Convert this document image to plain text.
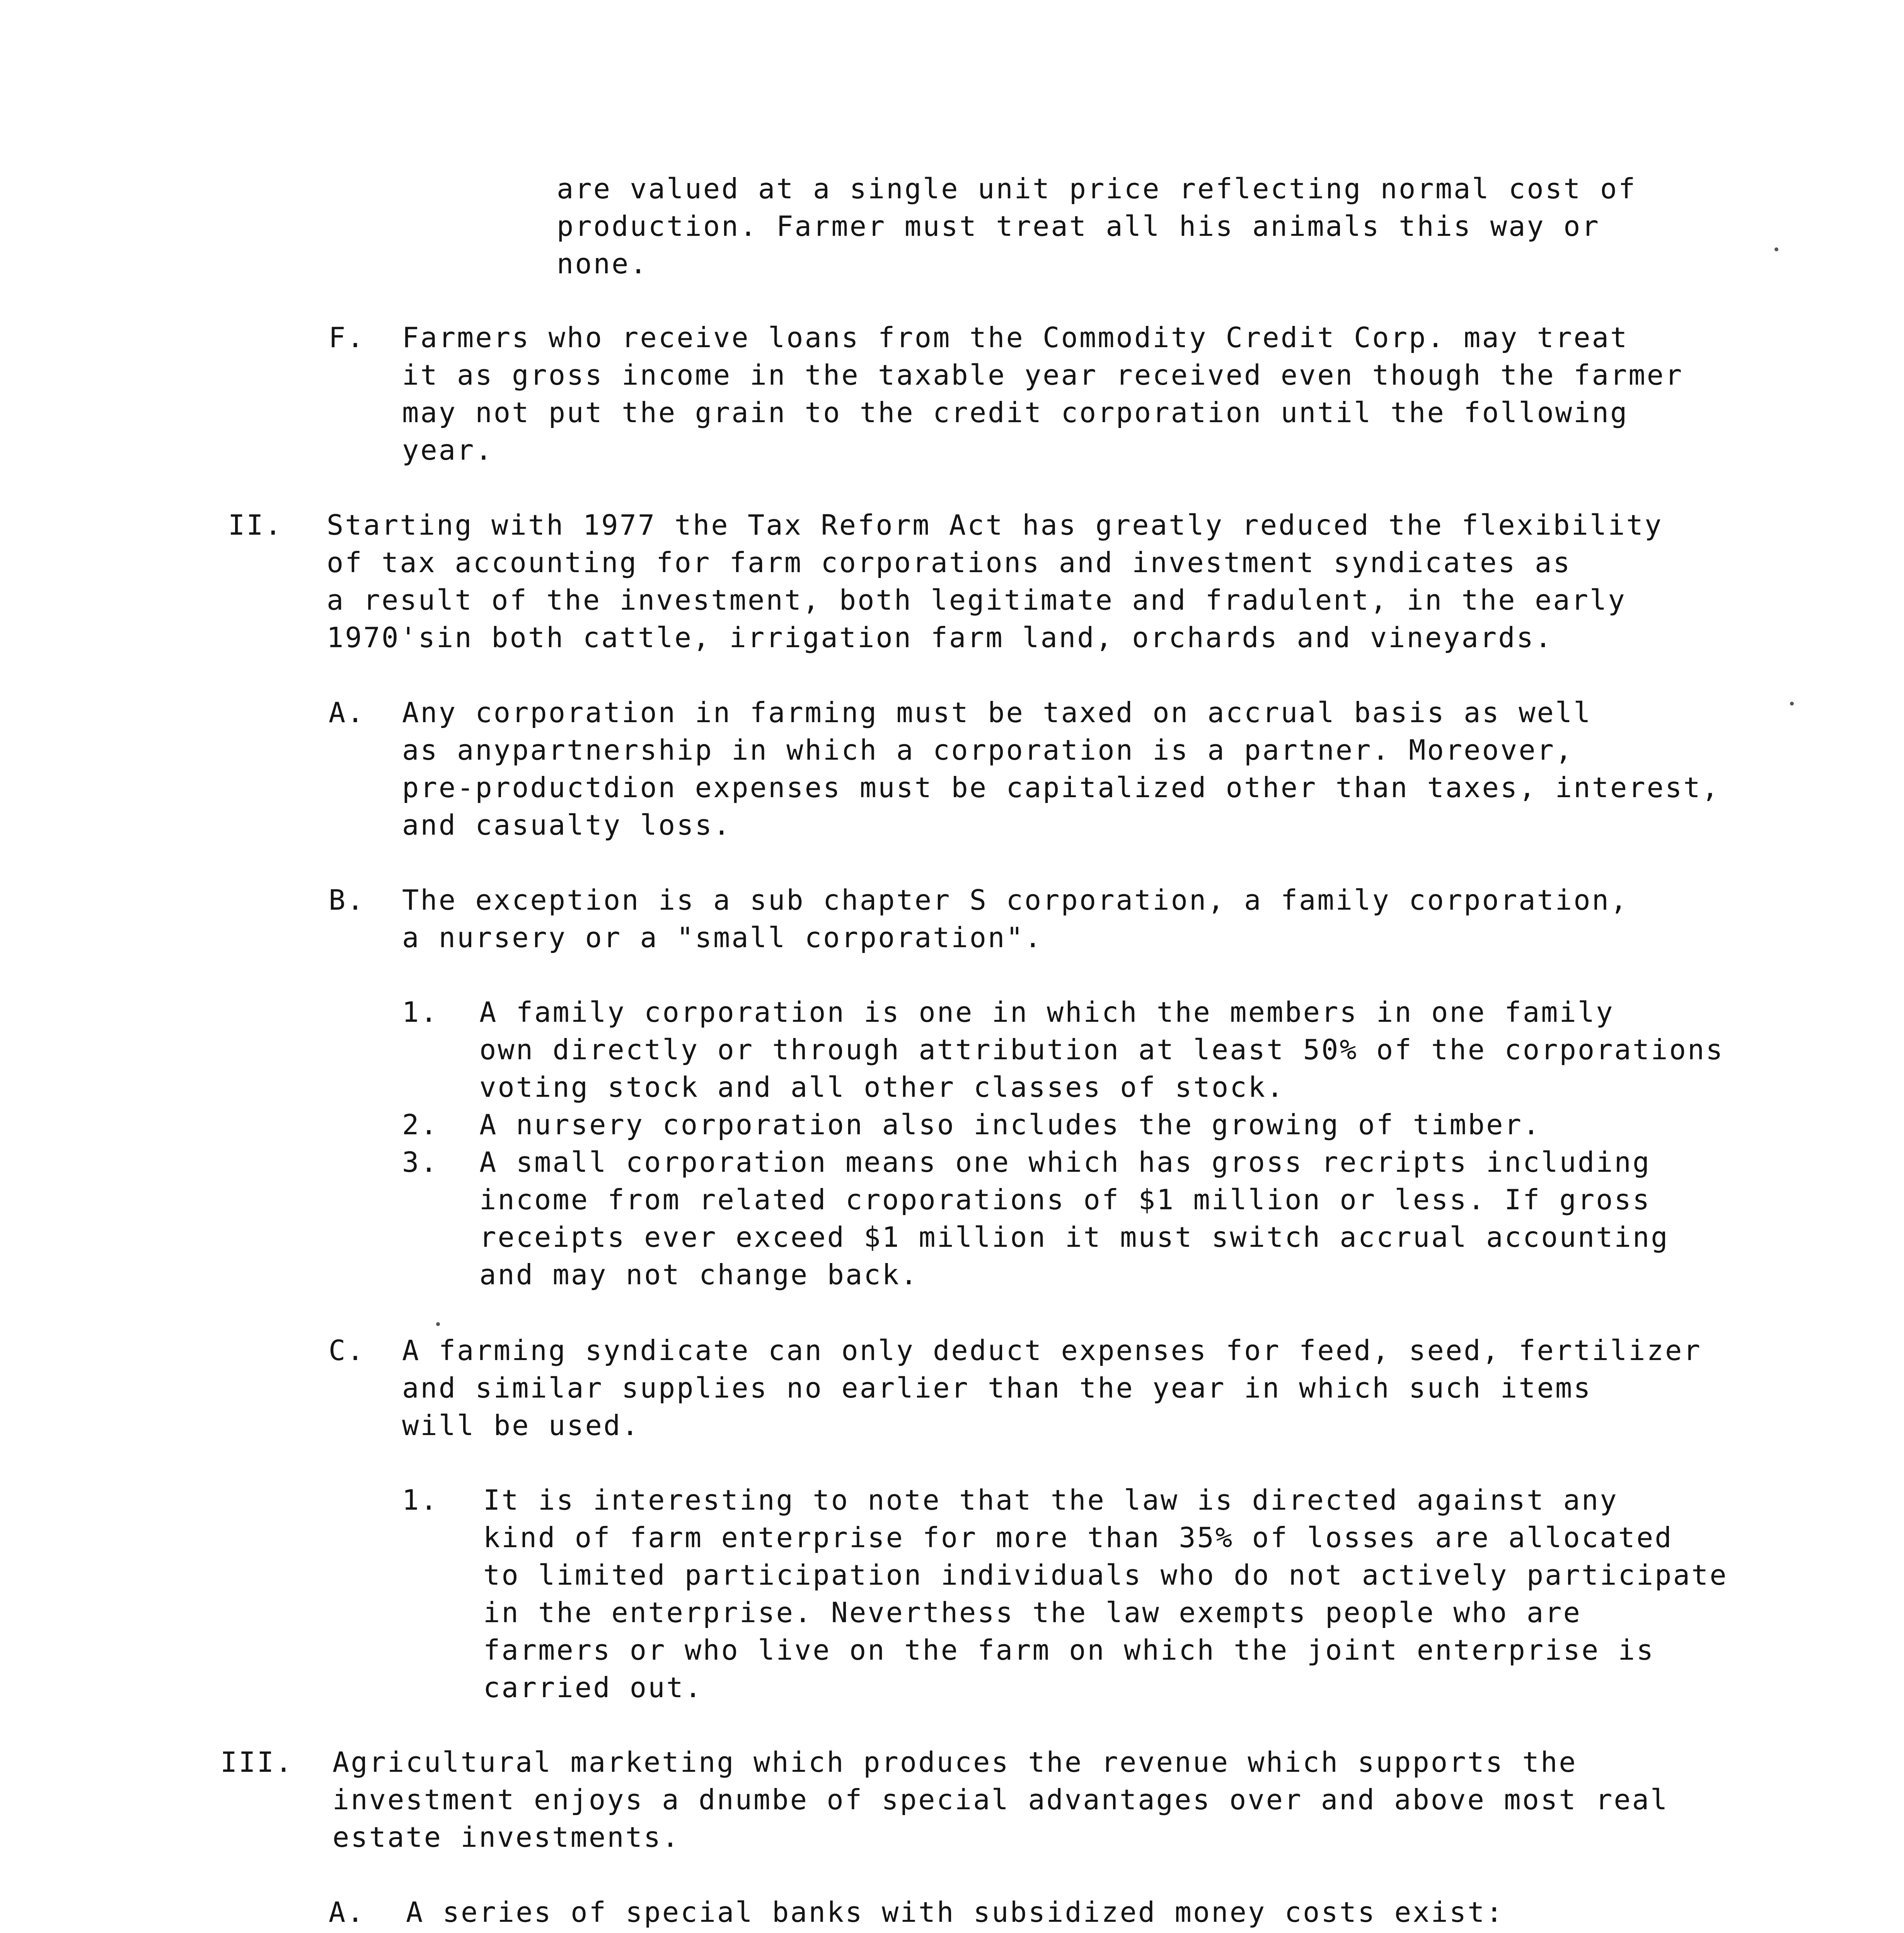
are valued at a single unit price reflecting normal cost of
production. Farmer must treat all his animals this way or
none.

F. Farmers who receive loans from the Commodity Credit Corp. may treat
it as gross income in the taxable year received even though the farmer
may not put the grain to the credit corporation until the following
year.

II. Starting with 1977 the Tax Reform Act has greatly reduced the flexibility
of tax accounting for farm corporations and investment syndicates as
a result of the investment, both legitimate and fradulent, in the early
1970'sin both cattle, irrigation farm land, orchards and vineyards.

A. Any corporation in farming must be taxed on accrual basis as well
as anypartnership in which a corporation is a partner. Moreover,
pre-productdion expenses must be capitalized other than taxes, interest,
and casualty loss.

B. The exception is a sub chapter S corporation, a family corporation,
a nursery or a "small corporation".

1. A family corporation is one in which the members in one family
own directly or through attribution at least 50% of the corporations
voting stock and all other classes of stock.

2. A nursery corporation also includes the growing of timber.

3. A small corporation means one which has gross recripts including
income from related croporations of $1 million or less. If gross
receipts ever exceed $1 million it must switch accrual accounting
and may not change back.

C. A farming syndicate can only deduct expenses for feed, seed, fertilizer
and similar supplies no earlier than the year in which such items
will be used.

1. It is interesting to note that the law is directed against any
kind of farm enterprise for more than 35% of losses are allocated
to limited participation individuals who do not actively participate
in the enterprise. Neverthess the law exempts people who are
farmers or who live on the farm on which the joint enterprise is
carried out.

III. Agricultural marketing which produces the revenue which supports the
investment enjoys a dnumbe of special advantages over and above most real
estate investments.

A. A series of special banks with subsidized money costs exist:
